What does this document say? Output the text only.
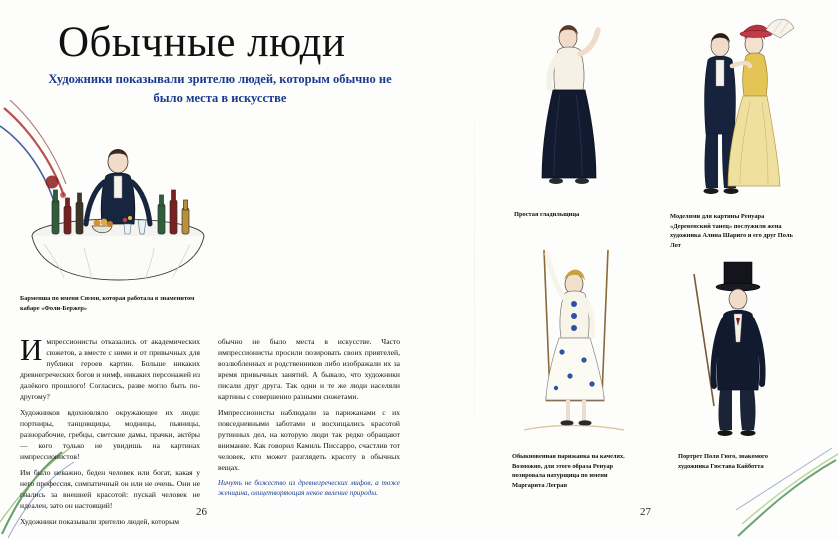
Обычные люди
Художники показывали зрителю людей, которым обычно не было места в искусстве
Барменша по имени Сюзон, которая работала в знаменитом кабаре «Фоли-Бержер»

Импрессионисты отказались от академических сюжетов, а вместе с ними и от привычных для публики героев картин. Больше никаких древнегреческих богов и нимф, никаких персонажей из далёкого прошлого! Согласись, разве могло быть по-другому?

Художников вдохновляло окружающее их люди: портниры, танцовщицы, модницы, пьяницы, разнорабочие, гребцы, светские дамы, прачки, актёры — кого только не увидишь на картинах импрессионистов!

Им было неважно, беден человек или богат, какая у него профессия, симпатичный он или не очень. Они не гнались за внешней красотой: пускай человек не идеален, зато он настоящий!

Художники показывали зрителю людей, которым

обычно не было места в искусстве. Часто импрессионисты просили позировать своих приятелей, возлюбленных и родственников либо изображали их за время привычных занятий. А бывало, что художники писали друг друга. Так одни и те же люди населяли картины с совершенно разными сюжетами.

Импрессионисты наблюдали за парижанами с их повседневными заботами и восхищались красотой рутинных дел, на которую люди так редко обращают внимание. Как говорил Камиль Писсарро, счастлив тот человек, кто может разглядеть красоту в обычных вещах.

Ничуть не божество из древнегреческих мифов, а тоже женщина, олицетворяющая некое явление природы.

26
Простая гладильщица	Моделями для картины Ренуара «Деревенский танец» послужили жена художника Алина Шариго и его друг Поль Лот
Обыкновенная парижанка на качелях. Возможно, для этого образа Ренуар позировала натурщица по имени Маргарита Легран
Портрет Поля Гюго, знакомого художника Гюстава Кайботта
27
